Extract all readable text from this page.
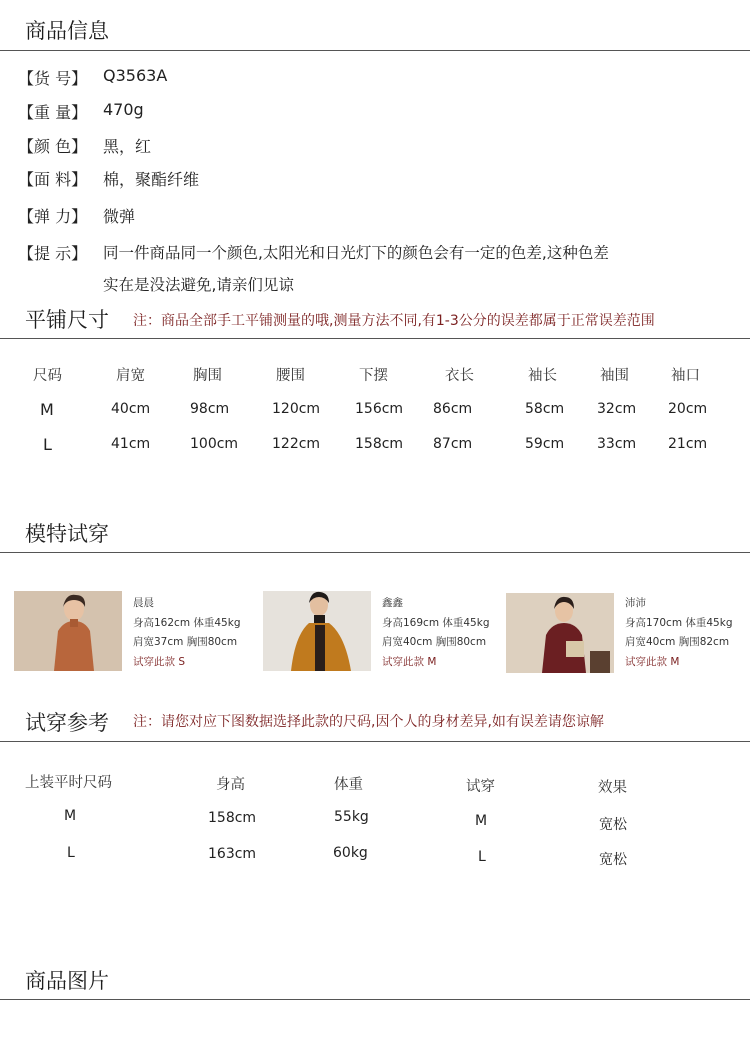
商品信息
【货 号】 Q3563A
【重 量】 470g
【颜 色】 黑，红
【面 料】 棉，聚酯纤维
【弹 力】 微弹
【提 示】 同一件商品同一个颜色,太阳光和日光灯下的颜色会有一定的色差,这种色差
实在是没法避免,请亲们见谅
平铺尺寸 注：商品全部手工平铺测量的哦,测量方法不同,有1-3公分的误差都属于正常误差范围
尺码	肩宽	胸围	腰围	下摆	衣长	袖长	袖围	袖口
M	40cm	98cm	120cm 156cm 86cm	58cm 32cm 20cm
L	41cm	100cm 122cm 158cm 87cm	59cm 33cm 21cm
模特试穿
晨晨
身高162cm 体重45kg
肩宽37cm 胸围80cm
试穿此款 S
鑫鑫
身高169cm 体重45kg
肩宽40cm 胸围80cm
试穿此款 M
沛沛
身高170cm 体重45kg
肩宽40cm 胸围82cm
试穿此款 M
试穿参考 注：请您对应下图数据选择此款的尺码,因个人的身材差异,如有误差请您谅解
上装平时尺码	身高	体重	试穿	效果
M	158cm	55kg	M	宽松
L	163cm	60kg	L	宽松
商品图片
